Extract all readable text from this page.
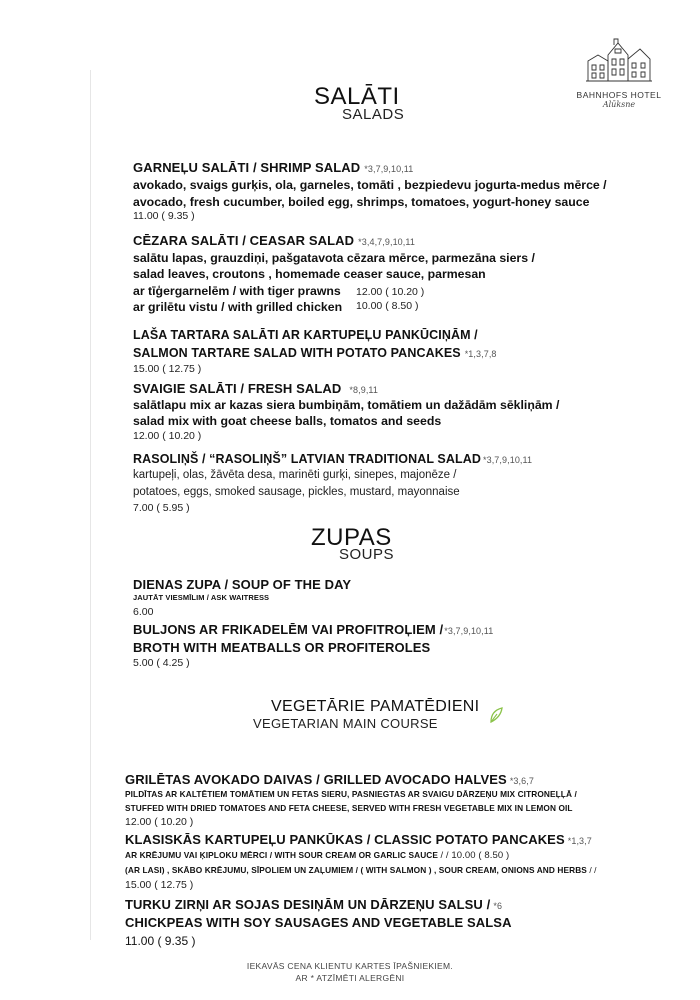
BAHNHOFS HOTEL
Alūksne
SALĀTI
SALADS
GARNEĻU SALĀTI / SHRIMP SALAD *3,7,9,10,11
avokado, svaigs gurķis, ola, garneles, tomāti , bezpiedevu jogurta-medus mērce /
avocado, fresh cucumber, boiled egg, shrimps, tomatoes, yogurt-honey sauce
11.00 ( 9.35 )
CĒZARA SALĀTI / CEASAR SALAD *3,4,7,9,10,11
salātu lapas, grauzdiņi, pašgatavota cēzara mērce, parmezāna siers /
salad leaves, croutons , homemade ceaser sauce, parmesan
ar tīģergarnelēm / with tiger prawns 12.00 ( 10.20 )
ar grilētu vistu / with grilled chicken 10.00 ( 8.50 )
LAŠA TARTARA SALĀTI AR KARTUPEĻU PANKŪCIŅĀM /
SALMON TARTARE SALAD WITH POTATO PANCAKES *1,3,7,8
15.00 ( 12.75 )
SVAIGIE SALĀTI / FRESH SALAD *8,9,11
salātlapu mix ar kazas siera bumbiņām, tomātiem un dažādām sēkliņām /
salad mix with goat cheese balls, tomatos and seeds
12.00 ( 10.20 )
RASOLIŅŠ / “RASOLIŅŠ” LATVIAN TRADITIONAL SALAD *3,7,9,10,11
kartupeļi, olas, žāvēta desa, marinēti gurķi, sinepes, majonēze /
potatoes, eggs, smoked sausage, pickles, mustard, mayonnaise
7.00 ( 5.95 )
ZUPAS
SOUPS
DIENAS ZUPA / SOUP OF THE DAY
JAUTĀT VIESMĪLIM / ASK WAITRESS
6.00
BULJONS AR FRIKADELĒM VAI PROFITROĻIEM /*3,7,9,10,11
BROTH WITH MEATBALLS OR PROFITEROLES
5.00 ( 4.25 )
VEGETĀRIE PAMATĒDIENI
VEGETARIAN MAIN COURSE
GRILĒTAS AVOKADO DAIVAS / GRILLED AVOCADO HALVES *3,6,7
PILDĪTAS AR KALTĒTIEM TOMĀTIEM UN FETAS SIERU, PASNIEGTAS AR SVAIGU DĀRZEŅU MIX CITRONEĻĻĀ /
STUFFED WITH DRIED TOMATOES AND FETA CHEESE, SERVED WITH FRESH VEGETABLE MIX IN LEMON OIL
12.00 ( 10.20 )
KLASISKĀS KARTUPEĻU PANKŪKAS / CLASSIC POTATO PANCAKES *1,3,7
AR KRĒJUMU VAI ĶIPLOKU MĒRCI / WITH SOUR CREAM OR GARLIC SAUCE / / 10.00 ( 8.50 )
(AR LASI) , SKĀBO KRĒJUMU, SĪPOLIEM UN ZAĻUMIEM / ( WITH SALMON ) , SOUR CREAM, ONIONS AND HERBS / /
15.00 ( 12.75 )
TURKU ZIRŅI AR SOJAS DESIŅĀM UN DĀRZEŅU SALSU / *6
CHICKPEAS WITH SOY SAUSAGES AND VEGETABLE SALSA
11.00 ( 9.35 )
IEKAVĀS CENA KLIENTU KARTES ĪPAŠNIEKIEM.
AR * ATZĪMĒTI ALERGĒNI
